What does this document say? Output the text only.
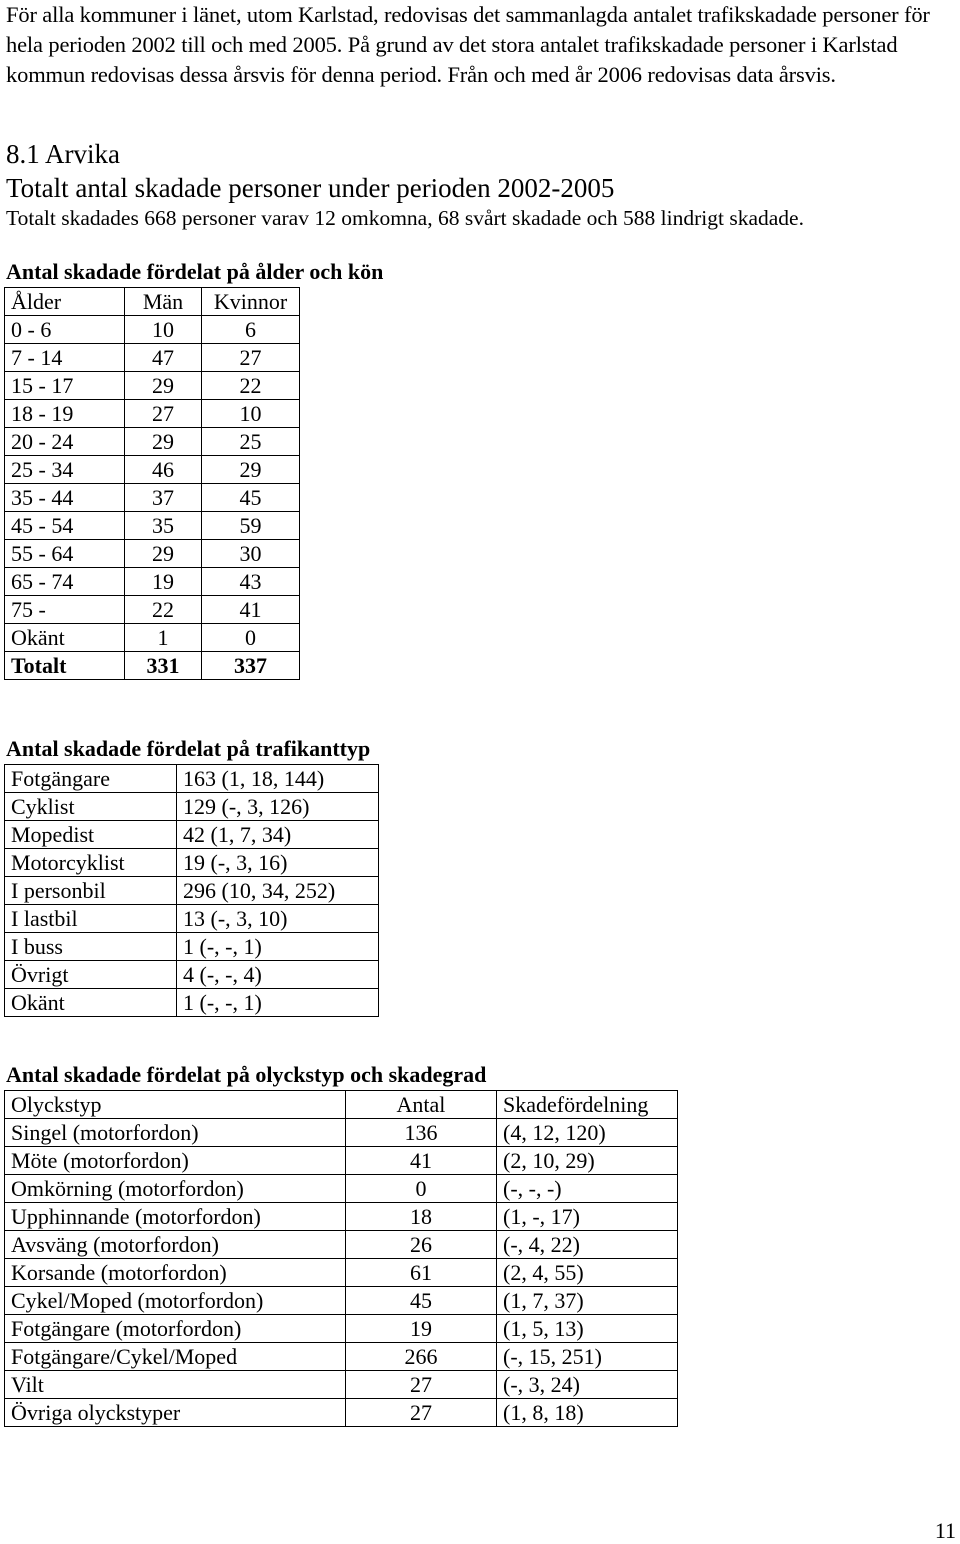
För alla kommuner i länet, utom Karlstad, redovisas det sammanlagda antalet trafikskadade personer för hela perioden 2002 till och med 2005. På grund av det stora antalet trafikskadade personer i Karlstad kommun redovisas dessa årsvis för denna period. Från och med år 2006 redovisas data årsvis.

8.1 Arvika
Totalt antal skadade personer under perioden 2002-2005

Totalt skadades 668 personer varav 12 omkomna, 68 svårt skadade och 588 lindrigt skadade.

Antal skadade fördelat på ålder och kön

Ålder	Män	Kvinnor
0 - 6	10	6
7 - 14	47	27
15 - 17	29	22
18 - 19	27	10
20 - 24	29	25
25 - 34	46	29
35 - 44	37	45
45 - 54	35	59
55 - 64	29	30
65 - 74	19	43
75 -	22	41
Okänt	1	0
Totalt	331	337

Antal skadade fördelat på trafikanttyp

Fotgängare	163 (1, 18, 144)
Cyklist	129 (-, 3, 126)
Mopedist	42 (1, 7, 34)
Motorcyklist	19 (-, 3, 16)
I personbil	296 (10, 34, 252)
I lastbil	13 (-, 3, 10)
I buss	1 (-, -, 1)
Övrigt	4 (-, -, 4)
Okänt	1 (-, -, 1)

Antal skadade fördelat på olyckstyp och skadegrad

Olyckstyp	Antal	Skadefördelning
Singel (motorfordon)	136	(4, 12, 120)
Möte (motorfordon)	41	(2, 10, 29)
Omkörning (motorfordon)	0	(-, -, -)
Upphinnande (motorfordon)	18	(1, -, 17)
Avsväng (motorfordon)	26	(-, 4, 22)
Korsande (motorfordon)	61	(2, 4, 55)
Cykel/Moped (motorfordon)	45	(1, 7, 37)
Fotgängare (motorfordon)	19	(1, 5, 13)
Fotgängare/Cykel/Moped	266	(-, 15, 251)
Vilt	27	(-, 3, 24)
Övriga olyckstyper	27	(1, 8, 18)

11
